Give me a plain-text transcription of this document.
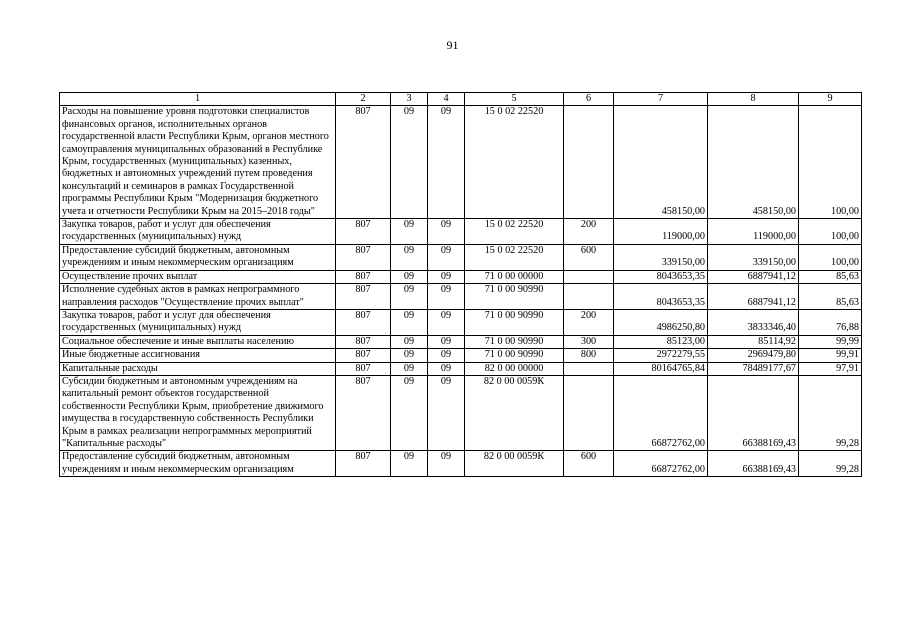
91
1	2	3	4	5	6	7	8	9
Расходы на повышение уровня подготовки специалистов финансовых органов, исполнительных органов государственной власти Республики Крым, органов местного самоуправления муниципальных образований в Республике Крым, государственных (муниципальных) казенных, бюджетных и автономных учреждений путем проведения консультаций и семинаров в рамках Государственной программы Республики Крым "Модернизация бюджетного учета и отчетности Республики Крым на 2015–2018 годы"	807	09	09	15 0 02 22520		458150,00	458150,00	100,00
Закупка товаров, работ и услуг для обеспечения государственных (муниципальных) нужд	807	09	09	15 0 02 22520	200	119000,00	119000,00	100,00
Предоставление субсидий бюджетным, автономным учреждениям и иным некоммерческим организациям	807	09	09	15 0 02 22520	600	339150,00	339150,00	100,00
Осуществление прочих выплат	807	09	09	71 0 00 00000		8043653,35	6887941,12	85,63
Исполнение судебных актов в рамках непрограммного направления расходов "Осуществление прочих выплат"	807	09	09	71 0 00 90990		8043653,35	6887941,12	85,63
Закупка товаров, работ и услуг для обеспечения государственных (муниципальных) нужд	807	09	09	71 0 00 90990	200	4986250,80	3833346,40	76,88
Социальное обеспечение и иные выплаты населению	807	09	09	71 0 00 90990	300	85123,00	85114,92	99,99
Иные бюджетные ассигнования	807	09	09	71 0 00 90990	800	2972279,55	2969479,80	99,91
Капитальные расходы	807	09	09	82 0 00 00000		80164765,84	78489177,67	97,91
Субсидии бюджетным и автономным учреждениям на капитальный ремонт объектов государственной собственности Республики Крым, приобретение движимого имущества в государственную собственность Республики Крым в рамках реализации непрограммных мероприятий "Капитальные расходы"	807	09	09	82 0 00 0059К		66872762,00	66388169,43	99,28
Предоставление субсидий бюджетным, автономным учреждениям и иным некоммерческим организациям	807	09	09	82 0 00 0059К	600	66872762,00	66388169,43	99,28
